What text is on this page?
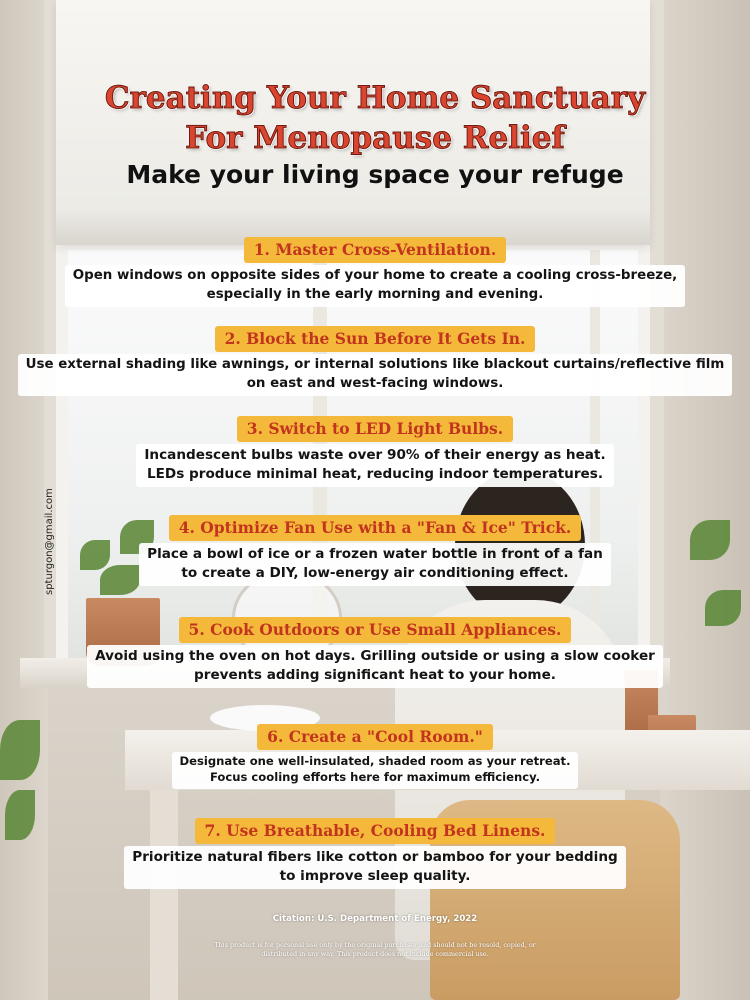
Creating Your Home Sanctuary
For Menopause Relief
Make your living space your refuge
1. Master Cross-Ventilation.
Open windows on opposite sides of your home to create a cooling cross-breeze,
especially in the early morning and evening.
2. Block the Sun Before It Gets In.
Use external shading like awnings, or internal solutions like blackout curtains/reflective film
on east and west-facing windows.
3. Switch to LED Light Bulbs.
Incandescent bulbs waste over 90% of their energy as heat.
LEDs produce minimal heat, reducing indoor temperatures.
4. Optimize Fan Use with a "Fan & Ice" Trick.
Place a bowl of ice or a frozen water bottle in front of a fan
to create a DIY, low-energy air conditioning effect.
5. Cook Outdoors or Use Small Appliances.
Avoid using the oven on hot days. Grilling outside or using a slow cooker
prevents adding significant heat to your home.
6. Create a "Cool Room."
Designate one well-insulated, shaded room as your retreat.
Focus cooling efforts here for maximum efficiency.
7. Use Breathable, Cooling Bed Linens.
Prioritize natural fibers like cotton or bamboo for your bedding
to improve sleep quality.
spturgon@gmail.com
Citation: U.S. Department of Energy, 2022
This product is for personal use only by the original purchaser and should not be resold, copied, or
distributed in any way. This product does not include commercial use.
